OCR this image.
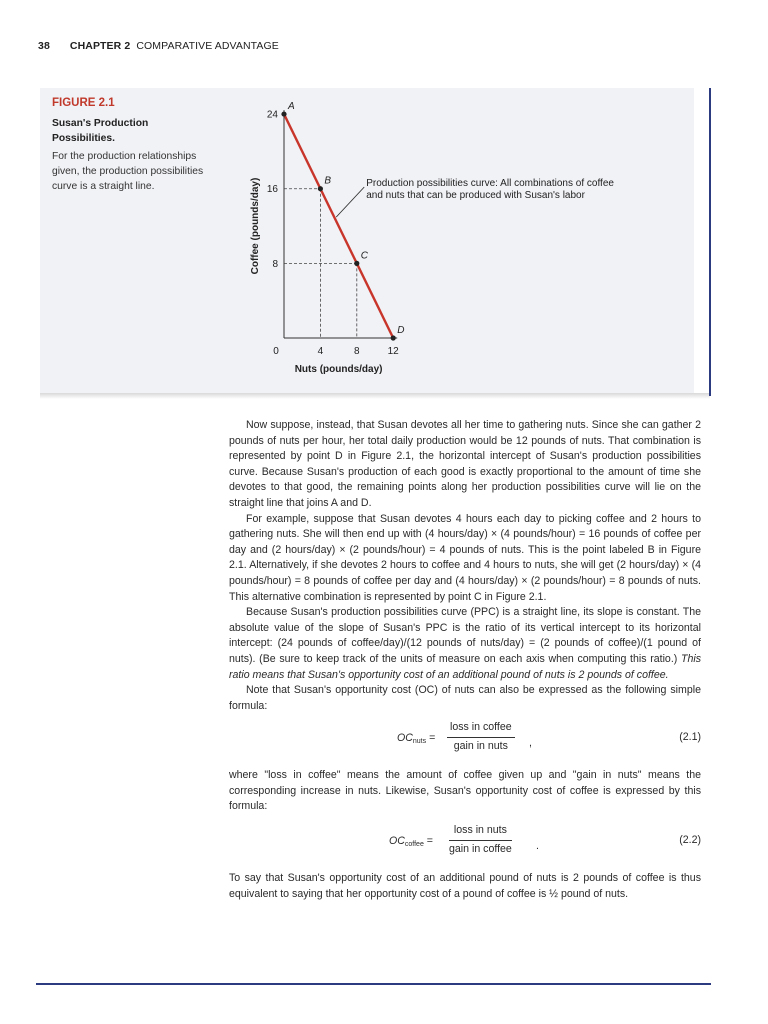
38 CHAPTER 2 COMPARATIVE ADVANTAGE
FIGURE 2.1
Susan's Production Possibilities.
For the production relationships given, the production possibilities curve is a straight line.
4	8	12
8
16
24
A
B
C
D
Production possibilities curve: All combinations of coffee
and nuts that can be produced with Susan's labor
Nuts (pounds/day)
Coffee (pounds/day)
0

Now suppose, instead, that Susan devotes all her time to gathering nuts. Since she can gather 2 pounds of nuts per hour, her total daily production would be 12 pounds of nuts. That combination is represented by point D in Figure 2.1, the horizontal intercept of Susan's production possibilities curve. Because Susan's production of each good is exactly proportional to the amount of time she devotes to that good, the remaining points along her production possibilities curve will lie on the straight line that joins A and D.

For example, suppose that Susan devotes 4 hours each day to picking coffee and 2 hours to gathering nuts. She will then end up with (4 hours/day) × (4 pounds/hour) = 16 pounds of coffee per day and (2 hours/day) × (2 pounds/hour) = 4 pounds of nuts. This is the point labeled B in Figure 2.1. Alternatively, if she devotes 2 hours to coffee and 4 hours to nuts, she will get (2 hours/day) × (4 pounds/hour) = 8 pounds of coffee per day and (4 hours/day) × (2 pounds/hour) = 8 pounds of nuts. This alternative combination is represented by point C in Figure 2.1.

Because Susan's production possibilities curve (PPC) is a straight line, its slope is constant. The absolute value of the slope of Susan's PPC is the ratio of its vertical intercept to its horizontal intercept: (24 pounds of coffee/day)/(12 pounds of nuts/day) = (2 pounds of coffee)/(1 pound of nuts). (Be sure to keep track of the units of measure on each axis when computing this ratio.) This ratio means that Susan's opportunity cost of an additional pound of nuts is 2 pounds of coffee.

Note that Susan's opportunity cost (OC) of nuts can also be expressed as the following simple formula:

$OC_{nuts}$ =
loss in coffee
gain in nuts	,	(2.1)

where "loss in coffee" means the amount of coffee given up and "gain in nuts" means the corresponding increase in nuts. Likewise, Susan's opportunity cost of coffee is expressed by this formula:

$OC_{coffee}$ =
loss in nuts
gain in coffee .	(2.2)

To say that Susan's opportunity cost of an additional pound of nuts is 2 pounds of coffee is thus equivalent to saying that her opportunity cost of a pound of coffee is ½ pound of nuts.
